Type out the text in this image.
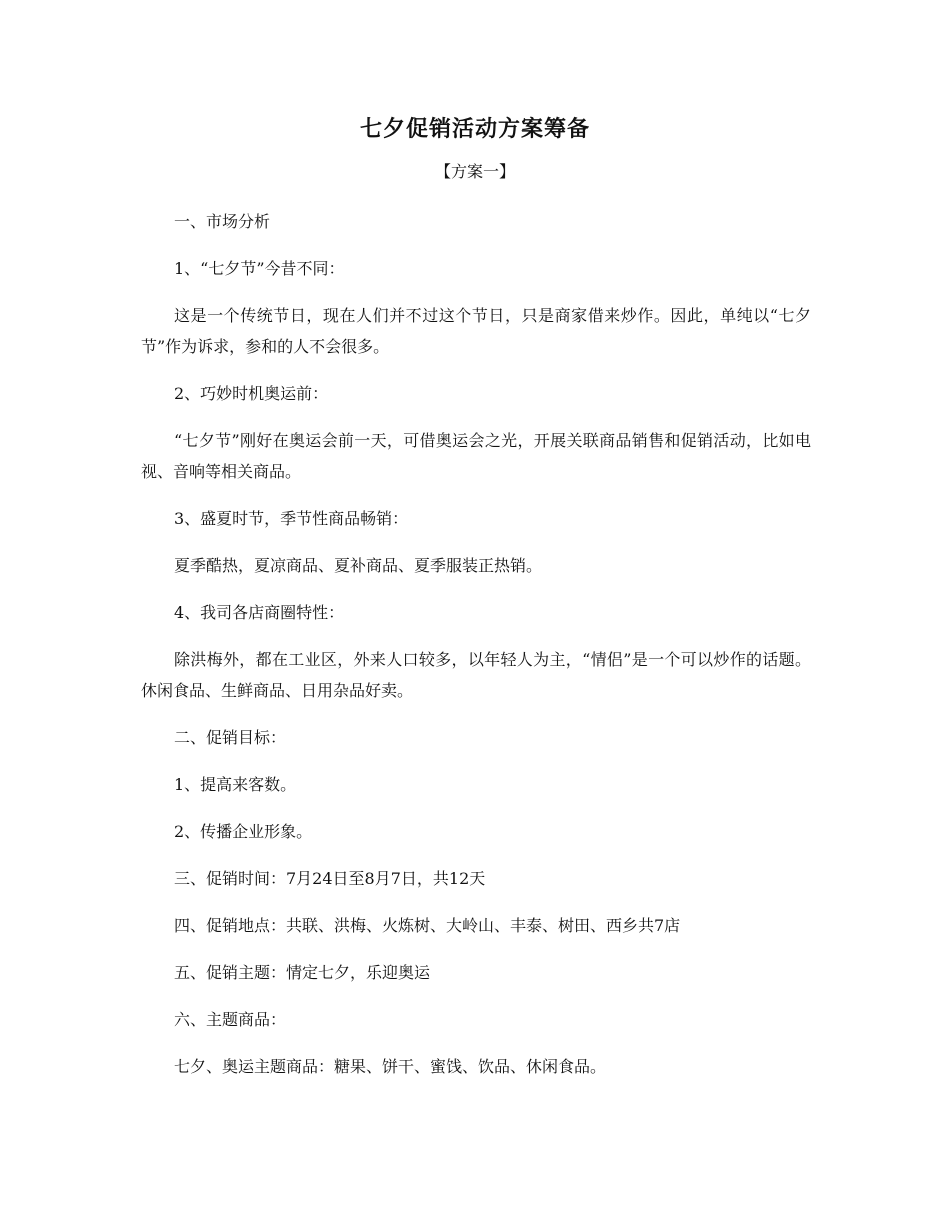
七夕促销活动方案筹备
【方案一】

一、市场分析

1、“七夕节”今昔不同：

这是一个传统节日，现在人们并不过这个节日，只是商家借来炒作。因此，单纯以“七夕节”作为诉求，参和的人不会很多。

2、巧妙时机奥运前：

“七夕节”刚好在奥运会前一天，可借奥运会之光，开展关联商品销售和促销活动，比如电视、音响等相关商品。

3、盛夏时节，季节性商品畅销：

夏季酷热，夏凉商品、夏补商品、夏季服装正热销。

4、我司各店商圈特性：

除洪梅外，都在工业区，外来人口较多，以年轻人为主，“情侣”是一个可以炒作的话题。休闲食品、生鲜商品、日用杂品好卖。

二、促销目标：

1、提高来客数。

2、传播企业形象。

三、促销时间：7月24日至8月7日，共12天

四、促销地点：共联、洪梅、火炼树、大岭山、丰泰、树田、西乡共7店

五、促销主题：情定七夕，乐迎奥运

六、主题商品：

七夕、奥运主题商品：糖果、饼干、蜜饯、饮品、休闲食品。
